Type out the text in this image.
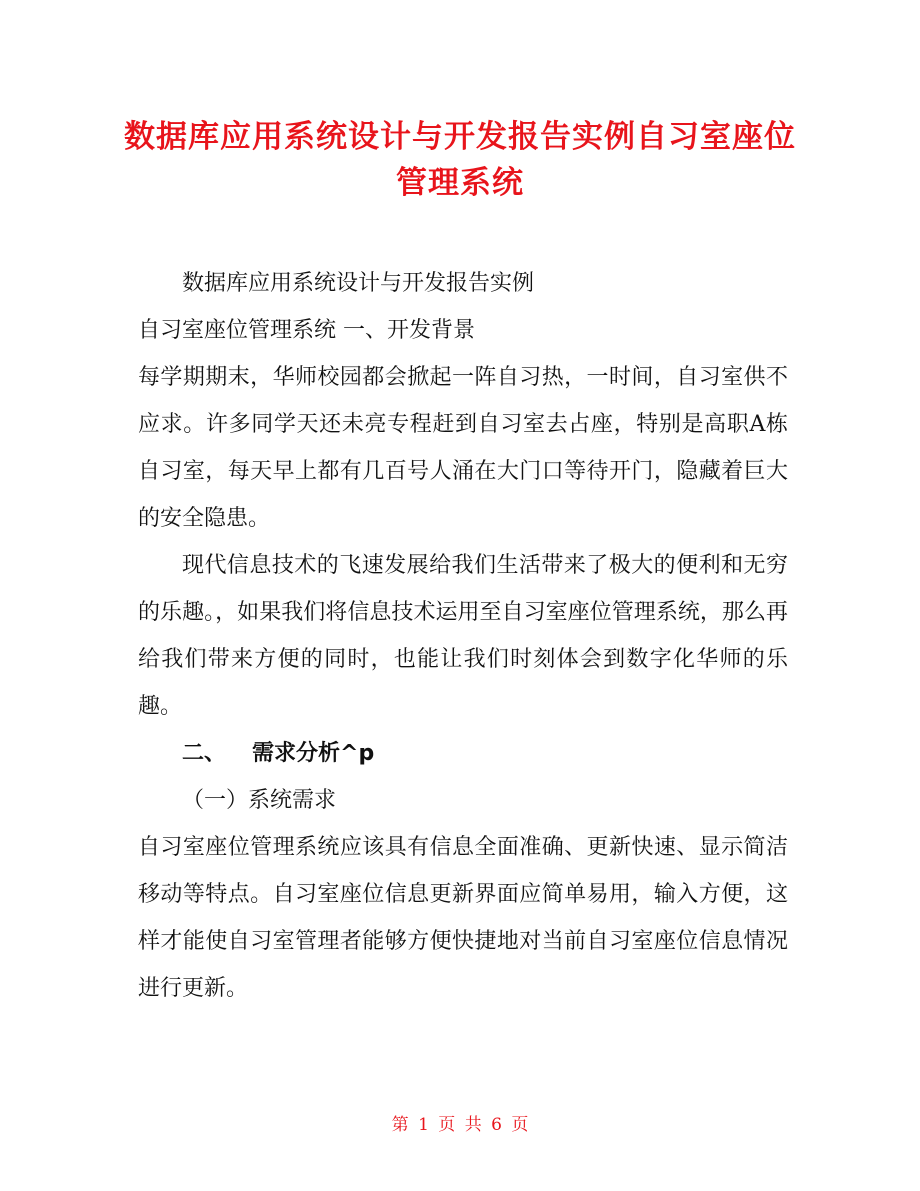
数据库应用系统设计与开发报告实例自习室座位管理系统

数据库应用系统设计与开发报告实例

自习室座位管理系统 一、开发背景

每学期期末，华师校园都会掀起一阵自习热，一时间，自习室供不应求。许多同学天还未亮专程赶到自习室去占座，特别是高职A栋自习室，每天早上都有几百号人涌在大门口等待开门，隐藏着巨大的安全隐患。

现代信息技术的飞速发展给我们生活带来了极大的便利和无穷的乐趣。，如果我们将信息技术运用至自习室座位管理系统，那么再给我们带来方便的同时，也能让我们时刻体会到数字化华师的乐趣。

二、 需求分析^p

（一）系统需求

自习室座位管理系统应该具有信息全面准确、更新快速、显示简洁移动等特点。自习室座位信息更新界面应简单易用，输入方便，这样才能使自习室管理者能够方便快捷地对当前自习室座位信息情况进行更新。

第 1 页 共 6 页
